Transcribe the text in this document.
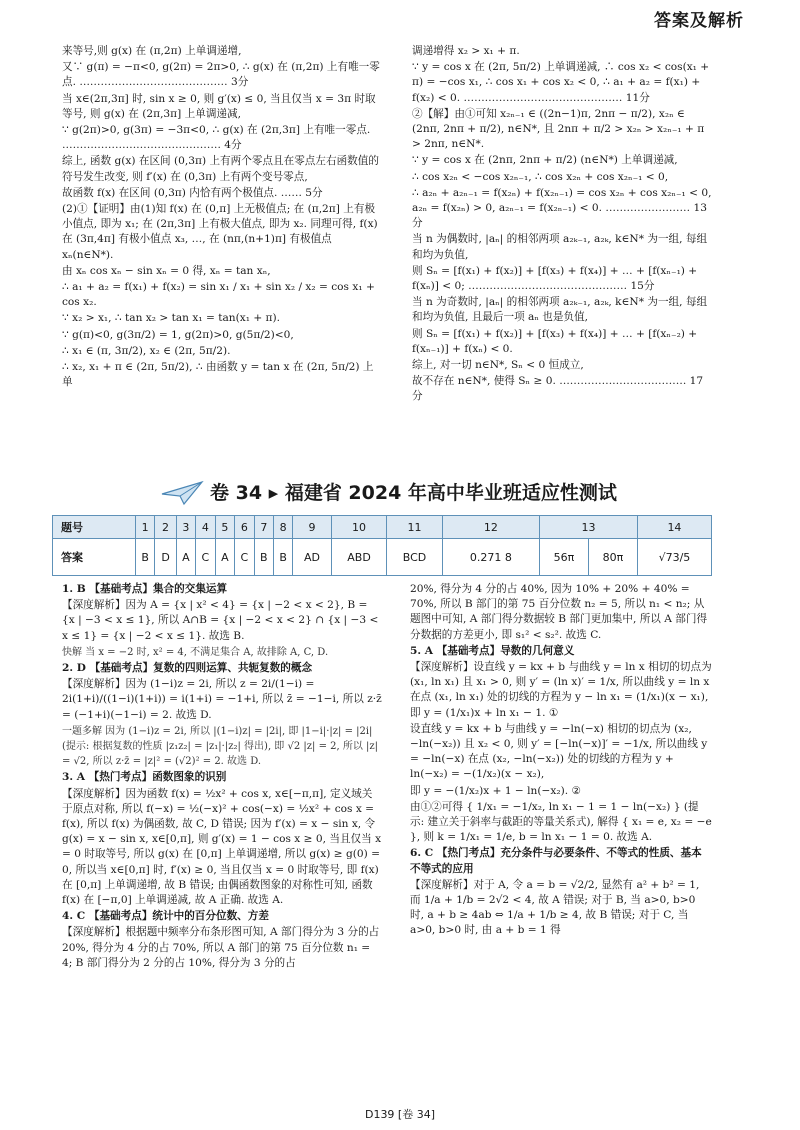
答案及解析

来等号,则 g(x) 在 (π,2π) 上单调递增,

又∵ g(π) = −π<0, g(2π) = 2π>0, ∴ g(x) 在 (π,2π) 上有唯一零点. …………………………………… 3分

当 x∈(2π,3π] 时, sin x ≥ 0, 则 g′(x) ≤ 0, 当且仅当 x = 3π 时取等号, 则 g(x) 在 (2π,3π] 上单调递减,

∵ g(2π)>0, g(3π) = −3π<0, ∴ g(x) 在 (2π,3π] 上有唯一零点. ……………………………………… 4分

综上, 函数 g(x) 在区间 (0,3π) 上有两个零点且在零点左右函数值的符号发生改变, 则 f′(x) 在 (0,3π) 上有两个变号零点,

故函数 f(x) 在区间 (0,3π) 内恰有两个极值点. …… 5分

(2)①【证明】由(1)知 f(x) 在 (0,π] 上无极值点; 在 (π,2π] 上有极小值点, 即为 x₁; 在 (2π,3π] 上有极大值点, 即为 x₂. 同理可得, f(x) 在 (3π,4π] 有极小值点 x₃, …, 在 (nπ,(n+1)π] 有极值点 xₙ(n∈N*).

由 xₙ cos xₙ − sin xₙ = 0 得, xₙ = tan xₙ,

∴ a₁ + a₂ = f(x₁) + f(x₂) = sin x₁ / x₁ + sin x₂ / x₂ = cos x₁ + cos x₂.

∵ x₂ > x₁, ∴ tan x₂ > tan x₁ = tan(x₁ + π).

∵ g(π)<0, g(3π/2) = 1, g(2π)>0, g(5π/2)<0,

∴ x₁ ∈ (π, 3π/2), x₂ ∈ (2π, 5π/2).

∴ x₂, x₁ + π ∈ (2π, 5π/2), ∴ 由函数 y = tan x 在 (2π, 5π/2) 上单

调递增得 x₂ > x₁ + π.

∵ y = cos x 在 (2π, 5π/2) 上单调递减, ∴ cos x₂ < cos(x₁ + π) = −cos x₁, ∴ cos x₁ + cos x₂ < 0, ∴ a₁ + a₂ = f(x₁) + f(x₂) < 0. ……………………………………… 11分

②【解】由①可知 x₂ₙ₋₁ ∈ ((2n−1)π, 2nπ − π/2), x₂ₙ ∈ (2nπ, 2nπ + π/2), n∈N*, 且 2nπ + π/2 > x₂ₙ > x₂ₙ₋₁ + π > 2nπ, n∈N*.

∵ y = cos x 在 (2nπ, 2nπ + π/2) (n∈N*) 上单调递减,

∴ cos x₂ₙ < −cos x₂ₙ₋₁, ∴ cos x₂ₙ + cos x₂ₙ₋₁ < 0,

∴ a₂ₙ + a₂ₙ₋₁ = f(x₂ₙ) + f(x₂ₙ₋₁) = cos x₂ₙ + cos x₂ₙ₋₁ < 0, a₂ₙ = f(x₂ₙ) > 0, a₂ₙ₋₁ = f(x₂ₙ₋₁) < 0. …………………… 13分

当 n 为偶数时, |aₙ| 的相邻两项 a₂ₖ₋₁, a₂ₖ, k∈N* 为一组, 每组和均为负值,

则 Sₙ = [f(x₁) + f(x₂)] + [f(x₃) + f(x₄)] + … + [f(xₙ₋₁) + f(xₙ)] < 0; ……………………………………… 15分

当 n 为奇数时, |aₙ| 的相邻两项 a₂ₖ₋₁, a₂ₖ, k∈N* 为一组, 每组和均为负值, 且最后一项 aₙ 也是负值,

则 Sₙ = [f(x₁) + f(x₂)] + [f(x₃) + f(x₄)] + … + [f(xₙ₋₂) + f(xₙ₋₁)] + f(xₙ) < 0.

综上, 对一切 n∈N*, Sₙ < 0 恒成立,

故不存在 n∈N*, 使得 Sₙ ≥ 0. ……………………………… 17分

卷 34 ▸ 福建省 2024 年高中毕业班适应性测试
题号	1	2	3	4	5	6	7	8	9	10	11	12	13		14
答案	B	D	A	C	A	C	B	B	AD	ABD	BCD	0.271 8	56π	80π	√73/5

1. B 【基础考点】集合的交集运算

【深度解析】因为 A = {x | x² < 4} = {x | −2 < x < 2}, B = {x | −3 < x ≤ 1}, 所以 A∩B = {x | −2 < x < 2} ∩ {x | −3 < x ≤ 1} = {x | −2 < x ≤ 1}. 故选 B.

快解 当 x = −2 时, x² = 4, 不满足集合 A, 故排除 A, C, D.

2. D 【基础考点】复数的四则运算、共轭复数的概念

【深度解析】因为 (1−i)z = 2i, 所以 z = 2i/(1−i) = 2i(1+i)/((1−i)(1+i)) = i(1+i) = −1+i, 所以 z̄ = −1−i, 所以 z·z̄ = (−1+i)(−1−i) = 2. 故选 D.

一题多解 因为 (1−i)z = 2i, 所以 |(1−i)z| = |2i|, 即 |1−i|·|z| = |2i| (提示: 根据复数的性质 |z₁z₂| = |z₁|·|z₂| 得出), 即 √2 |z| = 2, 所以 |z| = √2, 所以 z·z̄ = |z|² = (√2)² = 2. 故选 D.

3. A 【热门考点】函数图象的识别

【深度解析】因为函数 f(x) = ½x² + cos x, x∈[−π,π], 定义域关于原点对称, 所以 f(−x) = ½(−x)² + cos(−x) = ½x² + cos x = f(x), 所以 f(x) 为偶函数, 故 C, D 错误; 因为 f′(x) = x − sin x, 令 g(x) = x − sin x, x∈[0,π], 则 g′(x) = 1 − cos x ≥ 0, 当且仅当 x = 0 时取等号, 所以 g(x) 在 [0,π] 上单调递增, 所以 g(x) ≥ g(0) = 0, 所以当 x∈[0,π] 时, f′(x) ≥ 0, 当且仅当 x = 0 时取等号, 即 f(x) 在 [0,π] 上单调递增, 故 B 错误; 由偶函数图象的对称性可知, 函数 f(x) 在 [−π,0] 上单调递减, 故 A 正确. 故选 A.

4. C 【基础考点】统计中的百分位数、方差

【深度解析】根据题中频率分布条形图可知, A 部门得分为 3 分的占 20%, 得分为 4 分的占 70%, 所以 A 部门的第 75 百分位数 n₁ = 4; B 部门得分为 2 分的占 10%, 得分为 3 分的占

20%, 得分为 4 分的占 40%, 因为 10% + 20% + 40% = 70%, 所以 B 部门的第 75 百分位数 n₂ = 5, 所以 n₁ < n₂; 从题图中可知, A 部门得分数据较 B 部门更加集中, 所以 A 部门得分数据的方差更小, 即 s₁² < s₂². 故选 C.

5. A 【基础考点】导数的几何意义

【深度解析】设直线 y = kx + b 与曲线 y = ln x 相切的切点为 (x₁, ln x₁) 且 x₁ > 0, 则 y′ = (ln x)′ = 1/x, 所以曲线 y = ln x 在点 (x₁, ln x₁) 处的切线的方程为 y − ln x₁ = (1/x₁)(x − x₁), 即 y = (1/x₁)x + ln x₁ − 1. ①

设直线 y = kx + b 与曲线 y = −ln(−x) 相切的切点为 (x₂, −ln(−x₂)) 且 x₂ < 0, 则 y′ = [−ln(−x)]′ = −1/x, 所以曲线 y = −ln(−x) 在点 (x₂, −ln(−x₂)) 处的切线的方程为 y + ln(−x₂) = −(1/x₂)(x − x₂),

即 y = −(1/x₂)x + 1 − ln(−x₂). ②

由①②可得 { 1/x₁ = −1/x₂, ln x₁ − 1 = 1 − ln(−x₂) } (提示: 建立关于斜率与截距的等量关系式), 解得 { x₁ = e, x₂ = −e }, 则 k = 1/x₁ = 1/e, b = ln x₁ − 1 = 0. 故选 A.

6. C 【热门考点】充分条件与必要条件、不等式的性质、基本不等式的应用

【深度解析】对于 A, 令 a = b = √2/2, 显然有 a² + b² = 1, 而 1/a + 1/b = 2√2 < 4, 故 A 错误; 对于 B, 当 a>0, b>0 时, a + b ≥ 4ab ⇔ 1/a + 1/b ≥ 4, 故 B 错误; 对于 C, 当 a>0, b>0 时, 由 a + b = 1 得

D139 [卷 34]
